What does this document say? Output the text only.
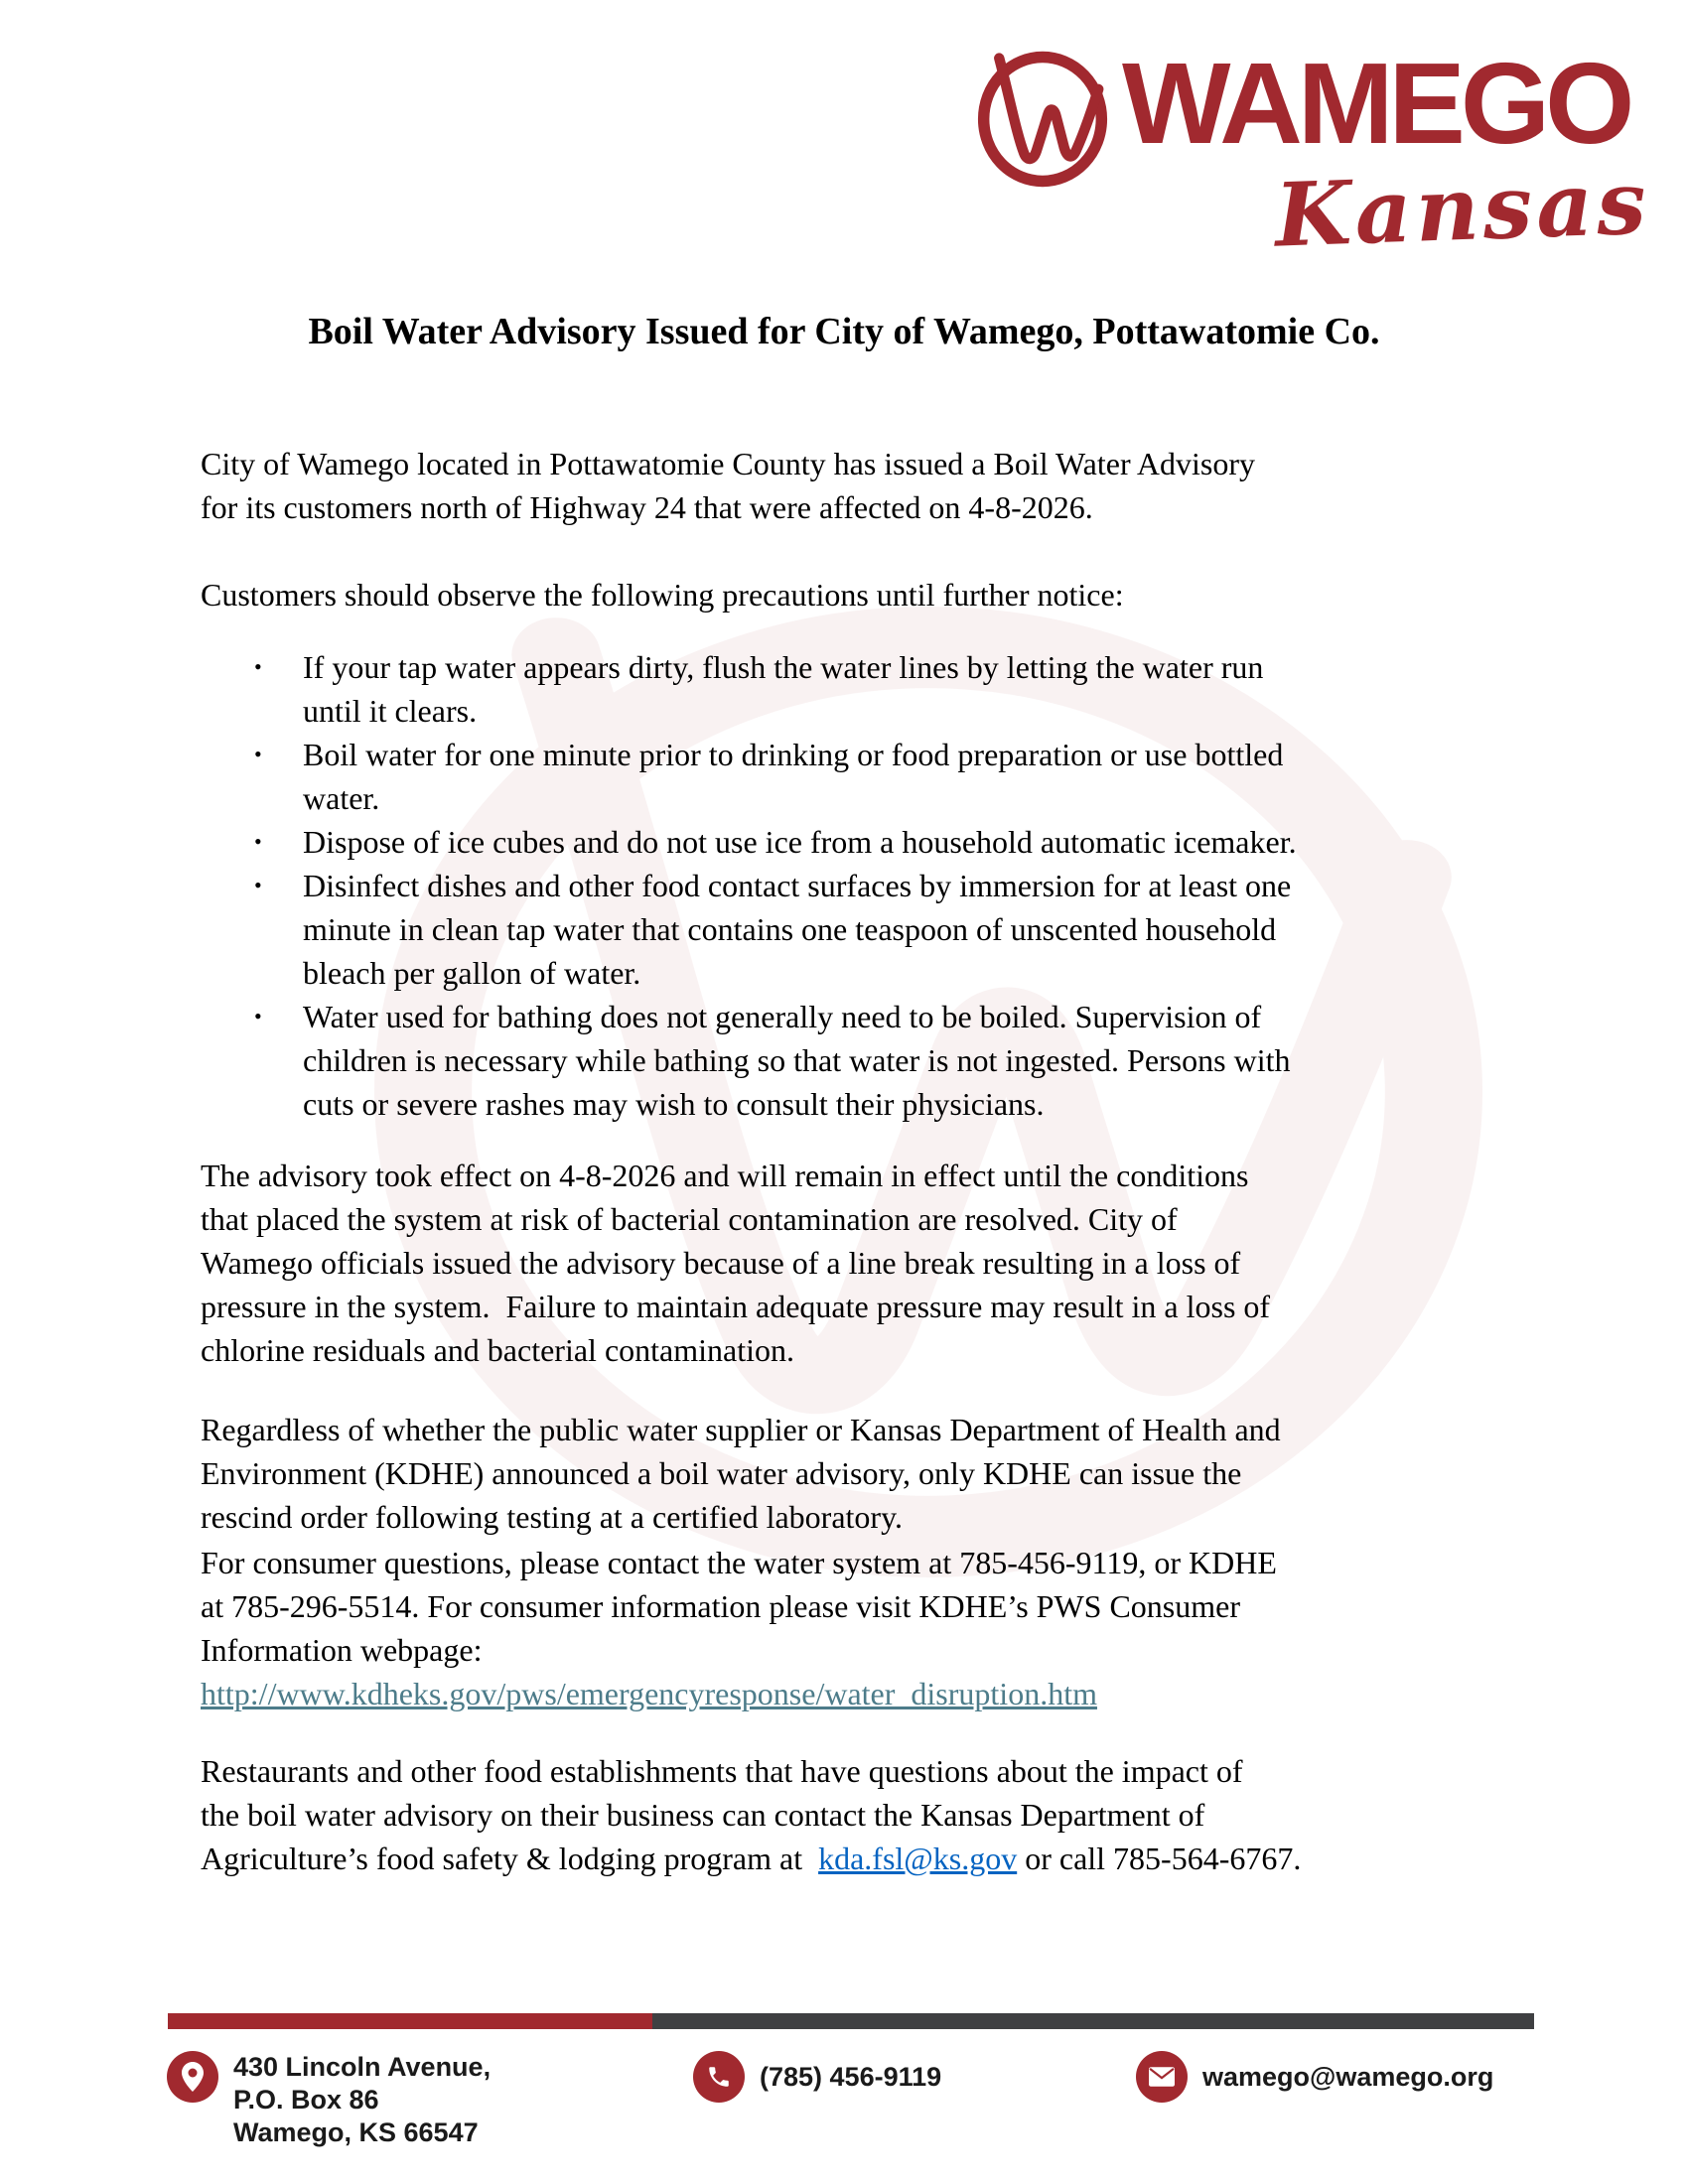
WAMEGO
Kansas
Boil Water Advisory Issued for City of Wamego, Pottawatomie Co.
City of Wamego located in Pottawatomie County has issued a Boil Water Advisory
for its customers north of Highway 24 that were affected on 4-8-2026.
Customers should observe the following precautions until further notice:
• If your tap water appears dirty, flush the water lines by letting the water run
until it clears.
• Boil water for one minute prior to drinking or food preparation or use bottled
water.
• Dispose of ice cubes and do not use ice from a household automatic icemaker.
• Disinfect dishes and other food contact surfaces by immersion for at least one
minute in clean tap water that contains one teaspoon of unscented household
bleach per gallon of water.
• Water used for bathing does not generally need to be boiled. Supervision of
children is necessary while bathing so that water is not ingested. Persons with
cuts or severe rashes may wish to consult their physicians.
The advisory took effect on 4-8-2026 and will remain in effect until the conditions
that placed the system at risk of bacterial contamination are resolved. City of
Wamego officials issued the advisory because of a line break resulting in a loss of
pressure in the system.  Failure to maintain adequate pressure may result in a loss of
chlorine residuals and bacterial contamination.
Regardless of whether the public water supplier or Kansas Department of Health and
Environment (KDHE) announced a boil water advisory, only KDHE can issue the
rescind order following testing at a certified laboratory.
For consumer questions, please contact the water system at 785-456-9119, or KDHE
at 785-296-5514. For consumer information please visit KDHE’s PWS Consumer
Information webpage:
http://www.kdheks.gov/pws/emergencyresponse/water_disruption.htm
Restaurants and other food establishments that have questions about the impact of
the boil water advisory on their business can contact the Kansas Department of
Agriculture’s food safety & lodging program at  kda.fsl@ks.gov or call 785-564-6767.
430 Lincoln Avenue,
P.O. Box 86
Wamego, KS 66547
(785) 456-9119	wamego@wamego.org
